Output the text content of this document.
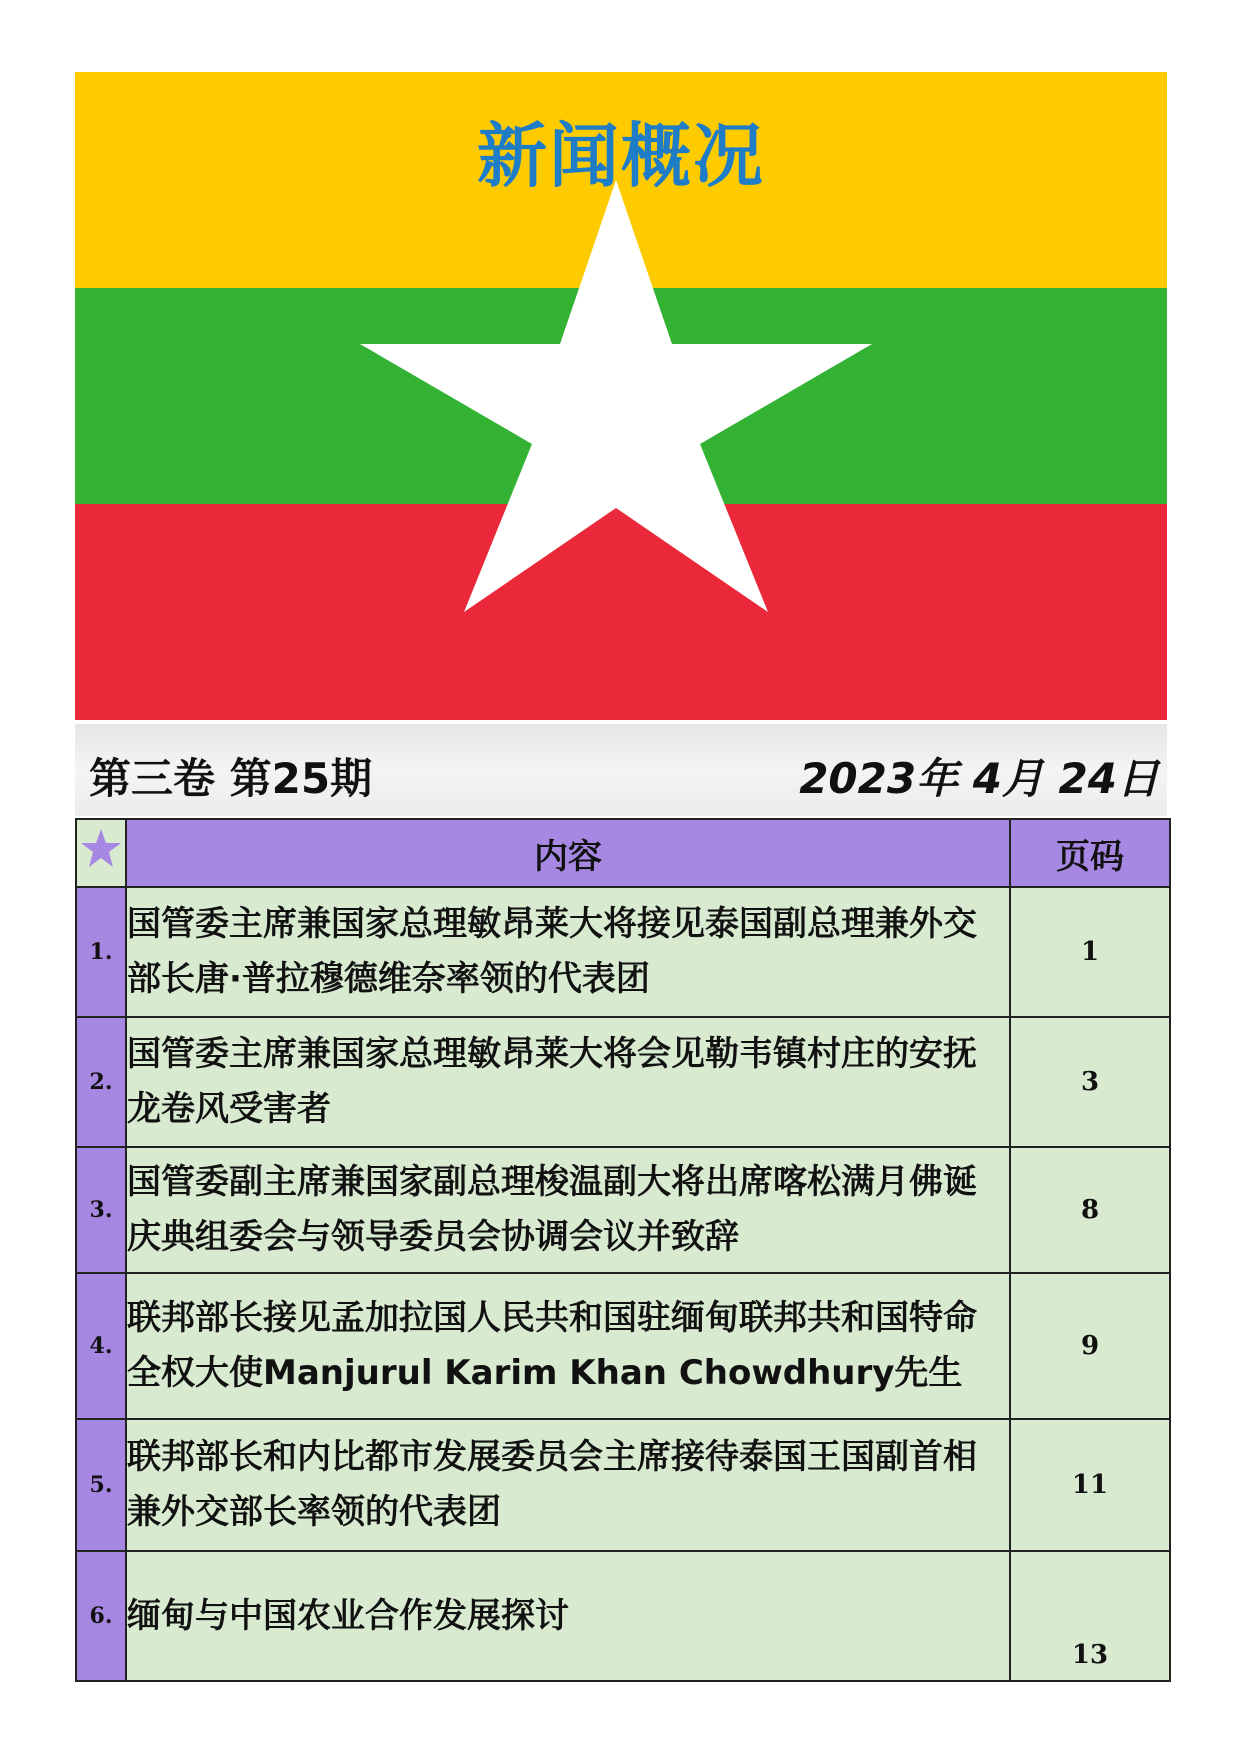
新闻概况
第三卷 第25期	2023年 4月 24日
	内容	页码
1.	国管委主席兼国家总理敏昂莱大将接见泰国副总理兼外交部长唐·普拉穆德维奈率领的代表团	1
2.	国管委主席兼国家总理敏昂莱大将会见勒韦镇村庄的安抚龙卷风受害者	3
3.	国管委副主席兼国家副总理梭温副大将出席喀松满月佛诞庆典组委会与领导委员会协调会议并致辞	8
4.	联邦部长接见孟加拉国人民共和国驻缅甸联邦共和国特命全权大使Manjurul Karim Khan Chowdhury先生	9
5.	联邦部长和内比都市发展委员会主席接待泰国王国副首相兼外交部长率领的代表团	11
6.	缅甸与中国农业合作发展探讨	13
